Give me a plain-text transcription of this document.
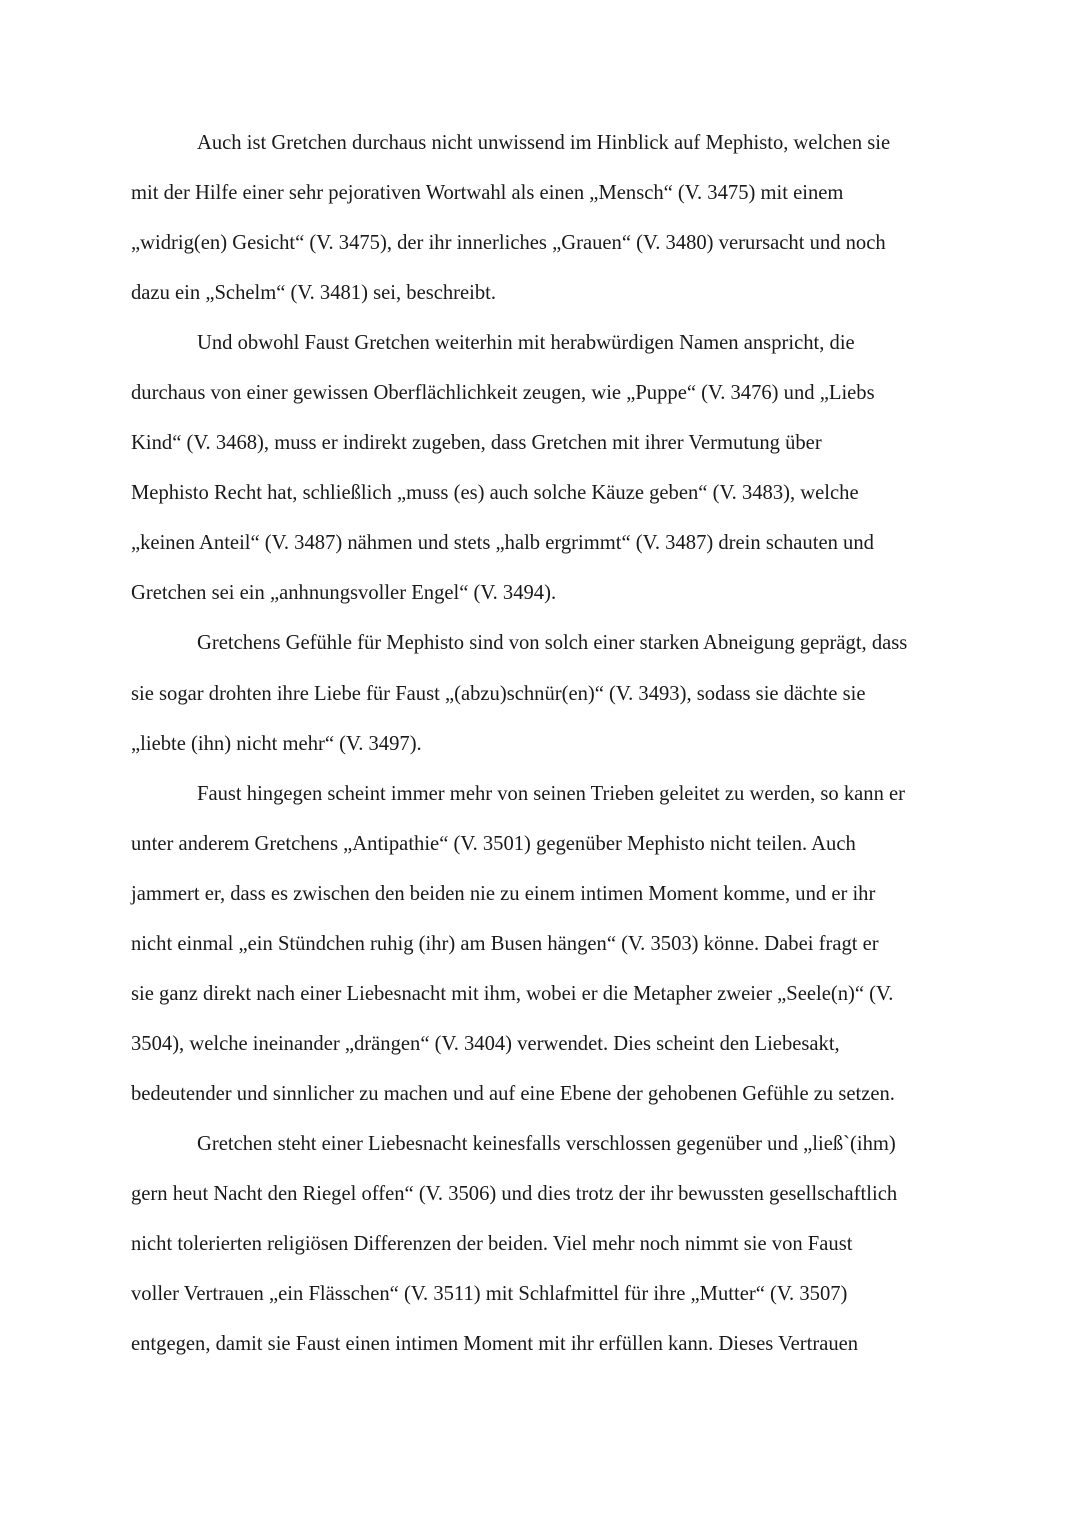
Auch ist Gretchen durchaus nicht unwissend im Hinblick auf Mephisto, welchen sie
mit der Hilfe einer sehr pejorativen Wortwahl als einen „Mensch“ (V. 3475) mit einem
„widrig(en) Gesicht“ (V. 3475), der ihr innerliches „Grauen“ (V. 3480) verursacht und noch
dazu ein „Schelm“ (V. 3481) sei, beschreibt.
Und obwohl Faust Gretchen weiterhin mit herabwürdigen Namen anspricht, die
durchaus von einer gewissen Oberflächlichkeit zeugen, wie „Puppe“ (V. 3476) und „Liebs
Kind“ (V. 3468), muss er indirekt zugeben, dass Gretchen mit ihrer Vermutung über
Mephisto Recht hat, schließlich „muss (es) auch solche Käuze geben“ (V. 3483), welche
„keinen Anteil“ (V. 3487) nähmen und stets „halb ergrimmt“ (V. 3487) drein schauten und
Gretchen sei ein „anhnungsvoller Engel“ (V. 3494).
Gretchens Gefühle für Mephisto sind von solch einer starken Abneigung geprägt, dass
sie sogar drohten ihre Liebe für Faust „(abzu)schnür(en)“ (V. 3493), sodass sie dächte sie
„liebte (ihn) nicht mehr“ (V. 3497).
Faust hingegen scheint immer mehr von seinen Trieben geleitet zu werden, so kann er
unter anderem Gretchens „Antipathie“ (V. 3501) gegenüber Mephisto nicht teilen. Auch
jammert er, dass es zwischen den beiden nie zu einem intimen Moment komme, und er ihr
nicht einmal „ein Stündchen ruhig (ihr) am Busen hängen“ (V. 3503) könne. Dabei fragt er
sie ganz direkt nach einer Liebesnacht mit ihm, wobei er die Metapher zweier „Seele(n)“ (V.
3504), welche ineinander „drängen“ (V. 3404) verwendet. Dies scheint den Liebesakt,
bedeutender und sinnlicher zu machen und auf eine Ebene der gehobenen Gefühle zu setzen.
Gretchen steht einer Liebesnacht keinesfalls verschlossen gegenüber und „ließ`(ihm)
gern heut Nacht den Riegel offen“ (V. 3506) und dies trotz der ihr bewussten gesellschaftlich
nicht tolerierten religiösen Differenzen der beiden. Viel mehr noch nimmt sie von Faust
voller Vertrauen „ein Flässchen“ (V. 3511) mit Schlafmittel für ihre „Mutter“ (V. 3507)
entgegen, damit sie Faust einen intimen Moment mit ihr erfüllen kann. Dieses Vertrauen
